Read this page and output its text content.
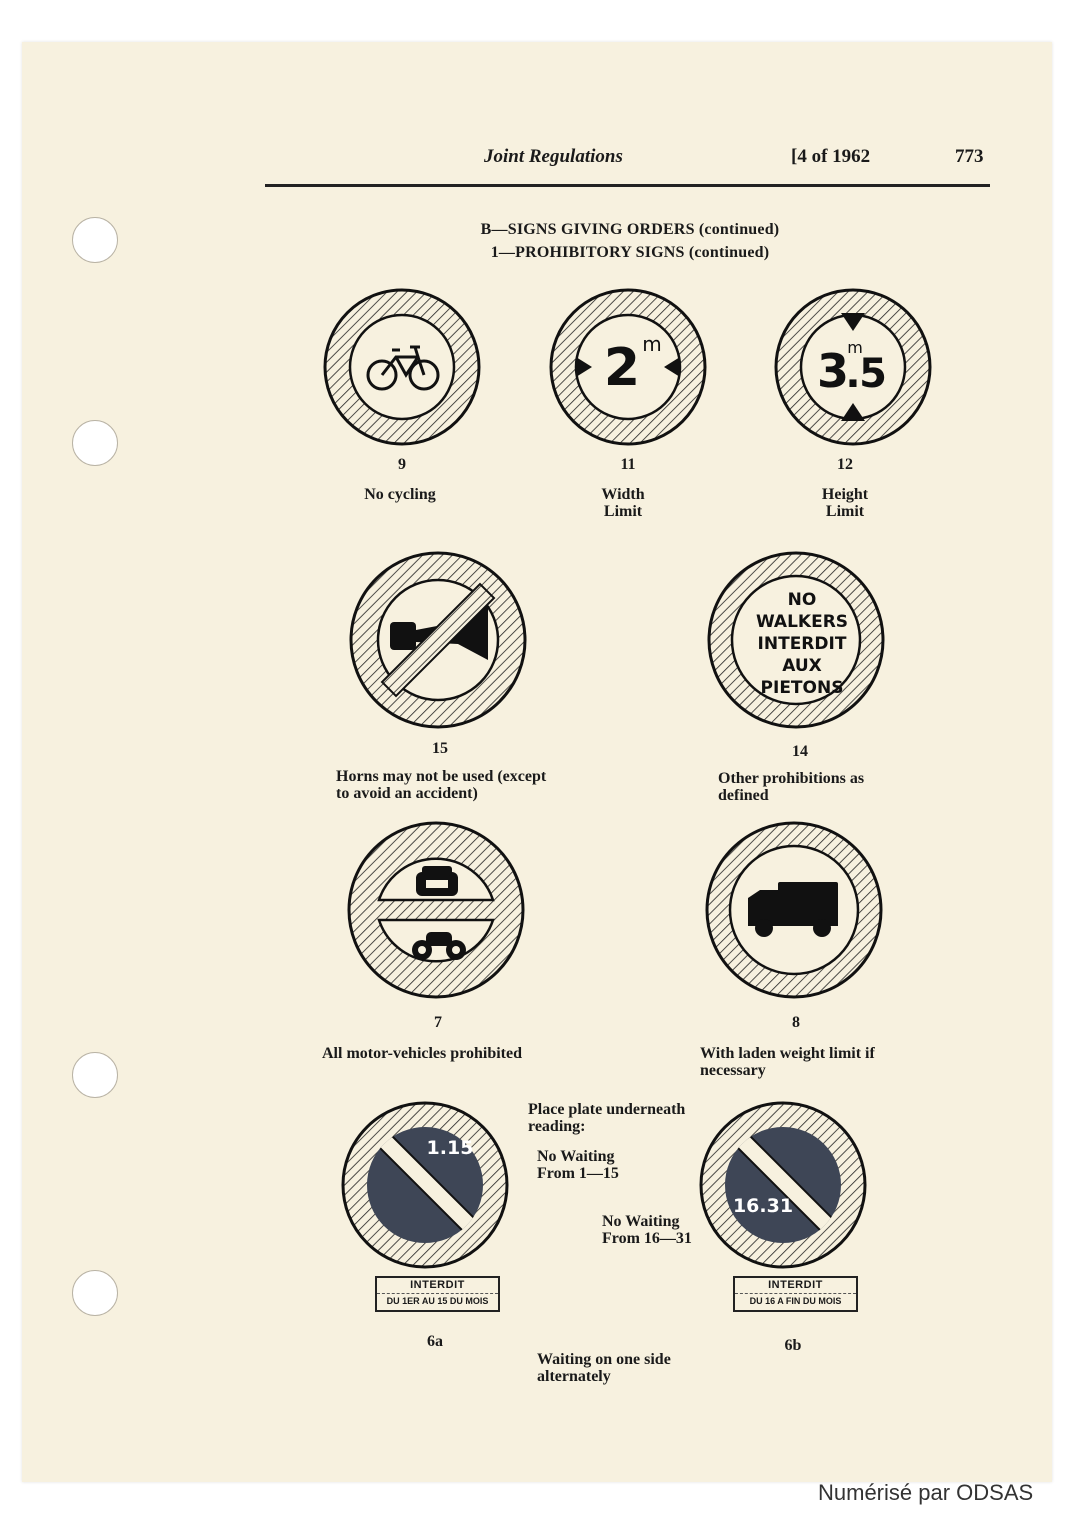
Joint Regulations	[4 of 1962	773
B—SIGNS GIVING ORDERS (continued)
1—PROHIBITORY SIGNS (continued)
9
No cycling
2 m
11
Width
Limit
3
.
5
m
12
Height
Limit
15
Horns may not be used (except
to avoid an accident)
NO
WALKERS
INTERDIT
AUX
PIETONS
14
Other prohibitions as
defined
7
All motor-vehicles prohibited
8
With laden weight limit if
necessary
1.15
INTERDIT
DU 1ER AU 15 DU MOIS
6a
16.31
INTERDIT
DU 16 A FIN DU MOIS
6b
Place plate underneath
reading:
No Waiting
From 1—15
No Waiting
From 16—31
Waiting on one side
alternately
Numérisé par ODSAS
